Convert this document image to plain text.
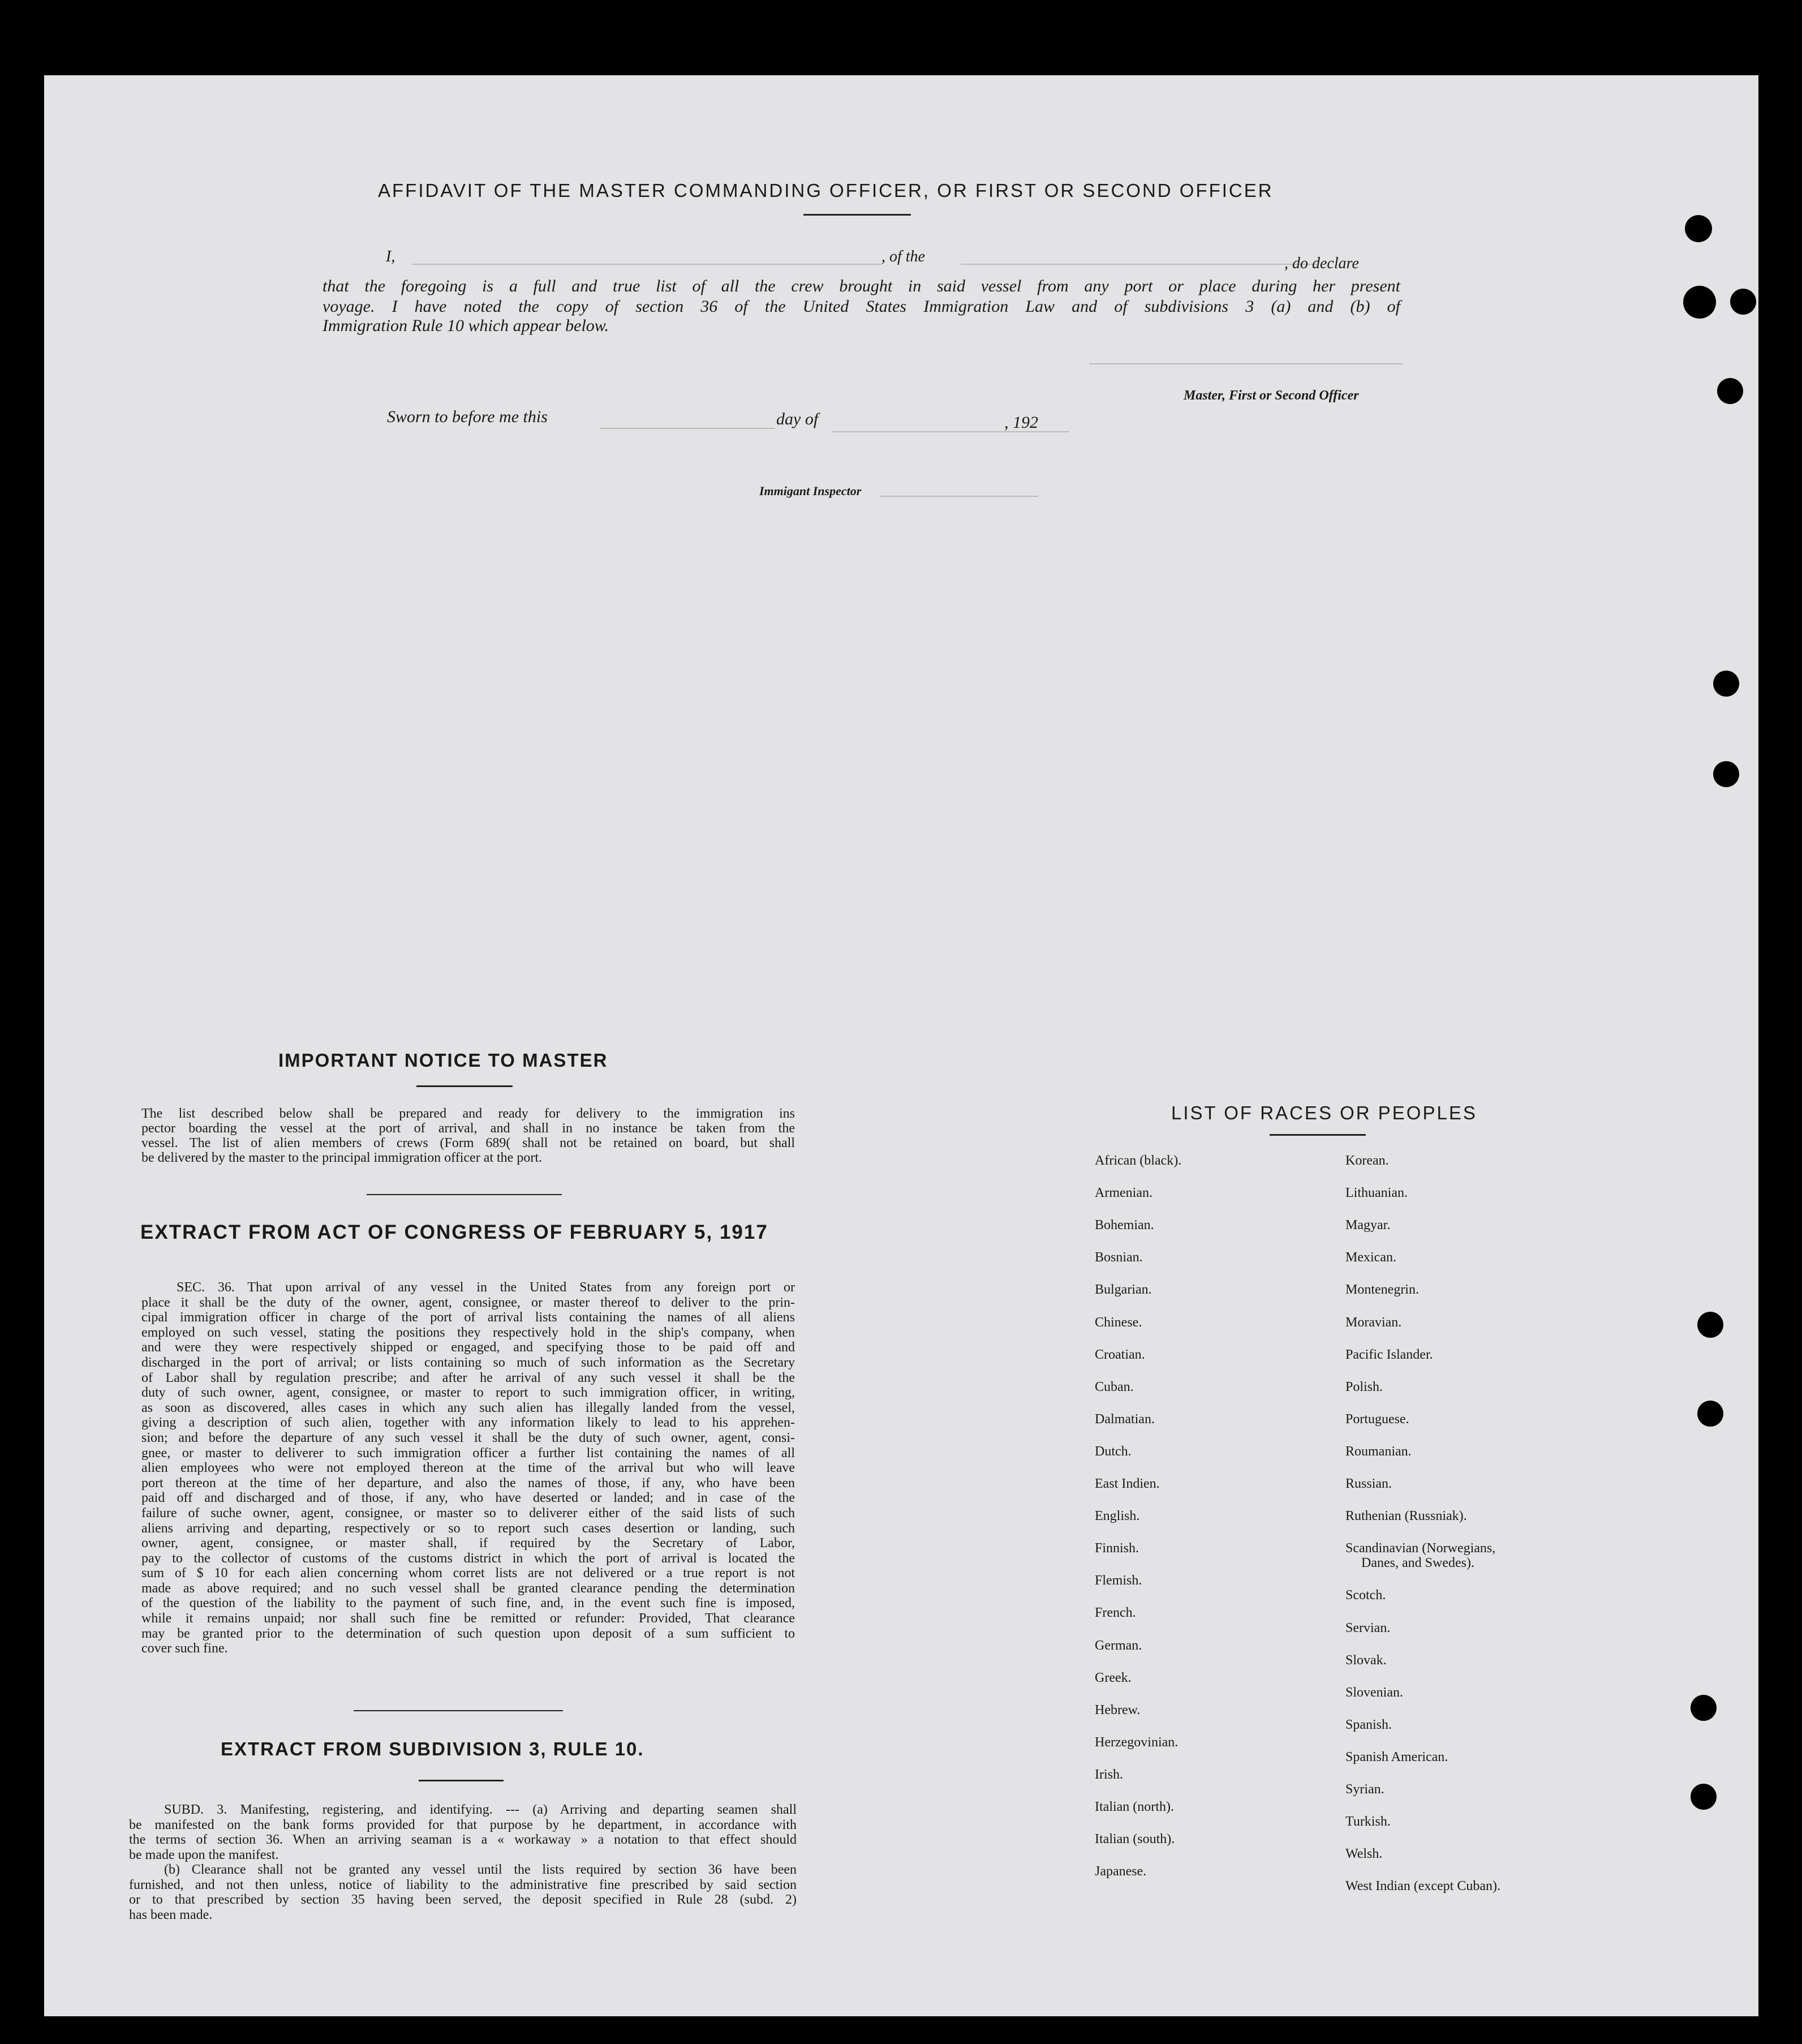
AFFIDAVIT OF THE MASTER COMMANDING OFFICER, OR FIRST OR SECOND OFFICER
I,	, of the	, do declare
that the foregoing is a full and true list of all the crew brought in said vessel from any port or place during her present
voyage. I have noted the copy of section 36 of the United States Immigration Law and of subdivisions 3 (a) and (b) of
Immigration Rule 10 which appear below.
Master, First or Second Officer
Sworn to before me this	day of	, 192
Immigant Inspector
IMPORTANT NOTICE TO MASTER
The list described below shall be prepared and ready for delivery to the immigration ins
pector boarding the vessel at the port of arrival, and shall in no instance be taken from the
vessel. The list of alien members of crews (Form 689( shall not be retained on board, but shall
be delivered by the master to the principal immigration officer at the port.
EXTRACT FROM ACT OF CONGRESS OF FEBRUARY 5, 1917
SEC. 36. That upon arrival of any vessel in the United States from any foreign port or
place it shall be the duty of the owner, agent, consignee, or master thereof to deliver to the prin-
cipal immigration officer in charge of the port of arrival lists containing the names of all aliens
employed on such vessel, stating the positions they respectively hold in the ship's company, when
and were they were respectively shipped or engaged, and specifying those to be paid off and
discharged in the port of arrival; or lists containing so much of such information as the Secretary
of Labor shall by regulation prescribe; and after he arrival of any such vessel it shall be the
duty of such owner, agent, consignee, or master to report to such immigration officer, in writing,
as soon as discovered, alles cases in which any such alien has illegally landed from the vessel,
giving a description of such alien, together with any information likely to lead to his apprehen-
sion; and before the departure of any such vessel it shall be the duty of such owner, agent, consi-
gnee, or master to deliverer to such immigration officer a further list containing the names of all
alien employees who were not employed thereon at the time of the arrival but who will leave
port thereon at the time of her departure, and also the names of those, if any, who have been
paid off and discharged and of those, if any, who have deserted or landed; and in case of the
failure of suche owner, agent, consignee, or master so to deliverer either of the said lists of such
aliens arriving and departing, respectively or so to report such cases desertion or landing, such
owner, agent, consignee, or master shall, if required by the Secretary of Labor,
pay to the collector of customs of the customs district in which the port of arrival is located the
sum of $ 10 for each alien concerning whom corret lists are not delivered or a true report is not
made as above required; and no such vessel shall be granted clearance pending the determination
of the question of the liability to the payment of such fine, and, in the event such fine is imposed,
while it remains unpaid; nor shall such fine be remitted or refunder: Provided, That clearance
may be granted prior to the determination of such question upon deposit of a sum sufficient to
cover such fine.
EXTRACT FROM SUBDIVISION 3, RULE 10.
SUBD. 3. Manifesting, registering, and identifying. --- (a) Arriving and departing seamen shall
be manifested on the bank forms provided for that purpose by he department, in accordance with
the terms of section 36. When an arriving seaman is a « workaway » a notation to that effect should
be made upon the manifest.
(b) Clearance shall not be granted any vessel until the lists required by section 36 have been
furnished, and not then unless, notice of liability to the administrative fine prescribed by said section
or to that prescribed by section 35 having been served, the deposit specified in Rule 28 (subd. 2)
has been made.
LIST OF RACES OR PEOPLES
African (black).
Armenian.
Bohemian.
Bosnian.
Bulgarian.
Chinese.
Croatian.
Cuban.
Dalmatian.
Dutch.
East Indien.
English.
Finnish.
Flemish.
French.
German.
Greek.
Hebrew.
Herzegovinian.
Irish.
Italian (north).
Italian (south).
Japanese.
Korean.
Lithuanian.
Magyar.
Mexican.
Montenegrin.
Moravian.
Pacific Islander.
Polish.
Portuguese.
Roumanian.
Russian.
Ruthenian (Russniak).
Scandinavian (Norwegians,
Danes, and Swedes).
Scotch.
Servian.
Slovak.
Slovenian.
Spanish.
Spanish American.
Syrian.
Turkish.
Welsh.
West Indian (except Cuban).
